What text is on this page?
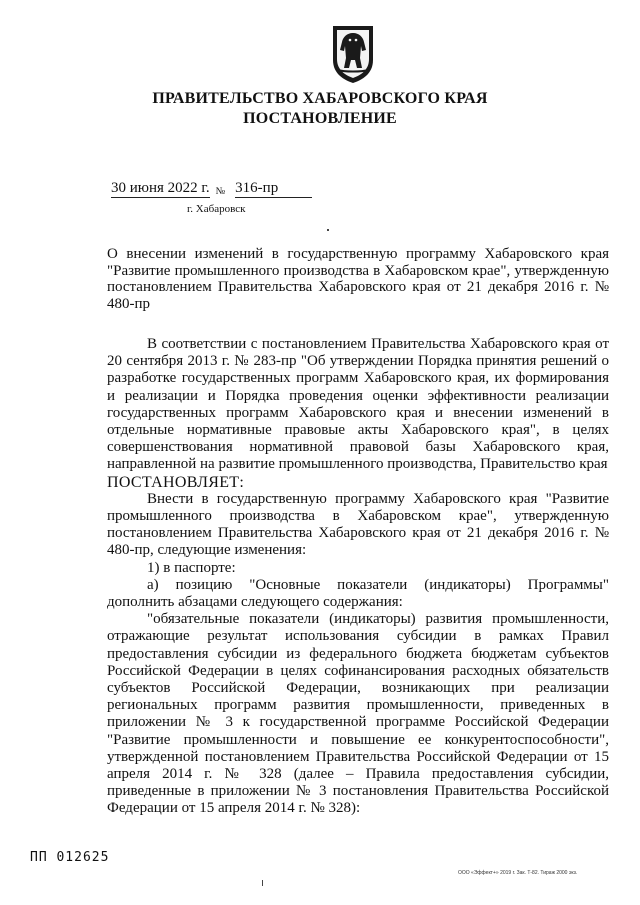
ПРАВИТЕЛЬСТВО ХАБАРОВСКОГО КРАЯ
ПОСТАНОВЛЕНИЕ
30 июня 2022 г. № 316-пр
г. Хабаровск
О внесении изменений в государственную программу Хабаровского края "Развитие промышленного производства в Хабаровском крае", утвержденную постановлением Правительства Хабаровского края от 21 декабря 2016 г. № 480-пр

В соответствии с постановлением Правительства Хабаровского края от 20 сентября 2013 г. № 283-пр "Об утверждении Порядка принятия решений о разработке государственных программ Хабаровского края, их формирования и реализации и Порядка проведения оценки эффективности реализации государственных программ Хабаровского края и внесении изменений в отдельные нормативные правовые акты Хабаровского края", в целях совершенствования нормативной правовой базы Хабаровского края, направленной на развитие промышленного производства, Правительство края

ПОСТАНОВЛЯЕТ:

Внести в государственную программу Хабаровского края "Развитие промышленного производства в Хабаровском крае", утвержденную постановлением Правительства Хабаровского края от 21 декабря 2016 г. № 480-пр, следующие изменения:

1) в паспорте:

а) позицию "Основные показатели (индикаторы) Программы" дополнить абзацами следующего содержания:

"обязательные показатели (индикаторы) развития промышленности, отражающие результат использования субсидии в рамках Правил предоставления субсидии из федерального бюджета бюджетам субъектов Российской Федерации в целях софинансирования расходных обязательств субъектов Российской Федерации, возникающих при реализации региональных программ развития промышленности, приведенных в приложении № 3 к государственной программе Российской Федерации "Развитие промышленности и повышение ее конкурентоспособности", утвержденной постановлением Правительства Российской Федерации от 15 апреля 2014 г. № 328 (далее – Правила предоставления субсидии, приведенные в приложении № 3 постановления Правительства Российской Федерации от 15 апреля 2014 г. № 328):

ПП 012625
ООО «Эффект+» 2019 г. Зак. Т-82. Тираж 2000 экз.
